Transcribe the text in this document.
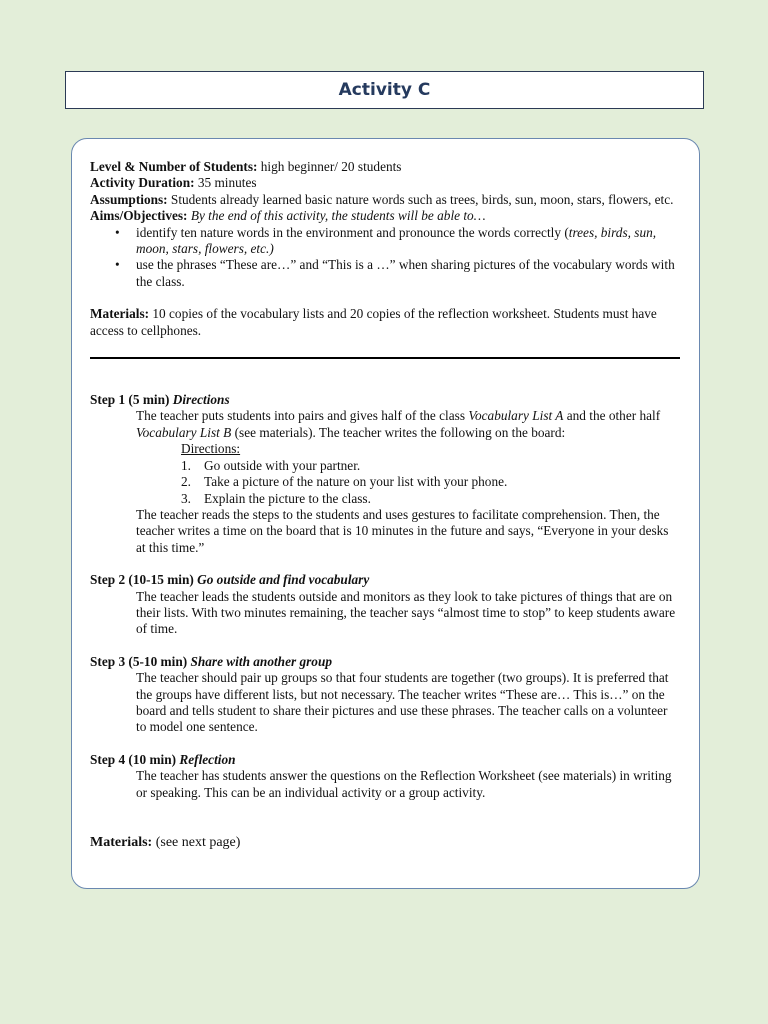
Activity C

Level & Number of Students: high beginner/ 20 students

Activity Duration: 35 minutes

Assumptions: Students already learned basic nature words such as trees, birds, sun, moon, stars, flowers, etc.

Aims/Objectives: By the end of this activity, the students will be able to…

• identify ten nature words in the environment and pronounce the words correctly (trees, birds, sun, moon, stars, flowers, etc.)
• use the phrases “These are…” and “This is a …” when sharing pictures of the vocabulary words with the class.

Materials: 10 copies of the vocabulary lists and 20 copies of the reflection worksheet. Students must have access to cellphones.

Step 1 (5 min) Directions

The teacher puts students into pairs and gives half of the class Vocabulary List A and the other half Vocabulary List B (see materials). The teacher writes the following on the board:

Directions:

1. Go outside with your partner.
2. Take a picture of the nature on your list with your phone.
3. Explain the picture to the class.

The teacher reads the steps to the students and uses gestures to facilitate comprehension. Then, the teacher writes a time on the board that is 10 minutes in the future and says, “Everyone in your desks at this time.”

Step 2 (10-15 min) Go outside and find vocabulary

The teacher leads the students outside and monitors as they look to take pictures of things that are on their lists. With two minutes remaining, the teacher says “almost time to stop” to keep students aware of time.

Step 3 (5-10 min) Share with another group

The teacher should pair up groups so that four students are together (two groups). It is preferred that the groups have different lists, but not necessary. The teacher writes “These are… This is…” on the board and tells student to share their pictures and use these phrases. The teacher calls on a volunteer to model one sentence.

Step 4 (10 min) Reflection

The teacher has students answer the questions on the Reflection Worksheet (see materials) in writing or speaking. This can be an individual activity or a group activity.

Materials: (see next page)
